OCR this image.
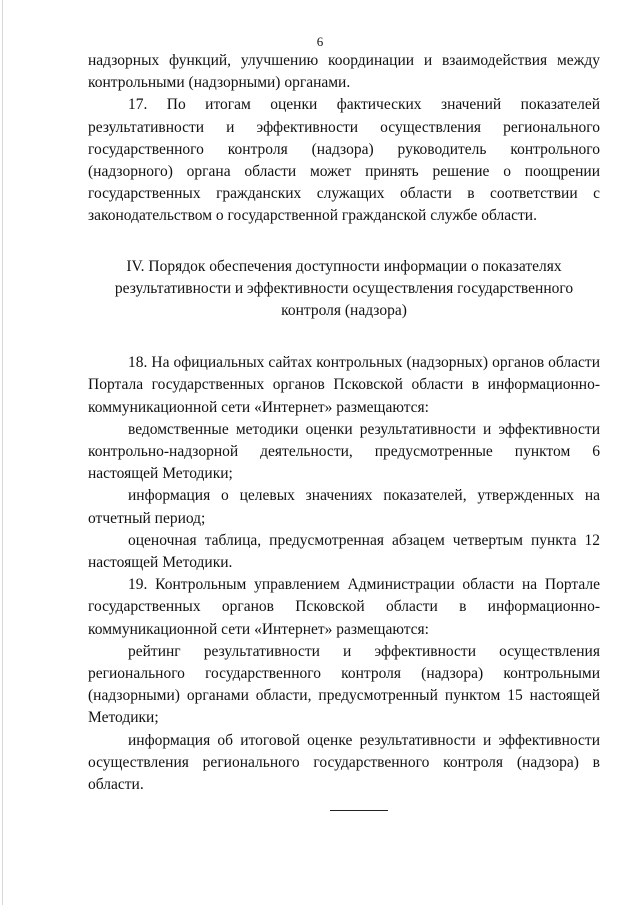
6

надзорных функций, улучшению координации и взаимодействия между контрольными (надзорными) органами.

17. По итогам оценки фактических значений показателей результативности и эффективности осуществления регионального государственного контроля (надзора) руководитель контрольного (надзорного) органа области может принять решение о поощрении государственных гражданских служащих области в соответствии с законодательством о государственной гражданской службе области.

IV. Порядок обеспечения доступности информации о показателях результативности и эффективности осуществления государственного контроля (надзора)

18. На официальных сайтах контрольных (надзорных) органов области Портала государственных органов Псковской области в информационно-коммуникационной сети «Интернет» размещаются:

ведомственные методики оценки результативности и эффективности контрольно-надзорной деятельности, предусмотренные пунктом 6 настоящей Методики;

информация о целевых значениях показателей, утвержденных на отчетный период;

оценочная таблица, предусмотренная абзацем четвертым пункта 12 настоящей Методики.

19. Контрольным управлением Администрации области на Портале государственных органов Псковской области в информационно-коммуникационной сети «Интернет» размещаются:

рейтинг результативности и эффективности осуществления регионального государственного контроля (надзора) контрольными (надзорными) органами области, предусмотренный пунктом 15 настоящей Методики;

информация об итоговой оценке результативности и эффективности осуществления регионального государственного контроля (надзора) в области.
